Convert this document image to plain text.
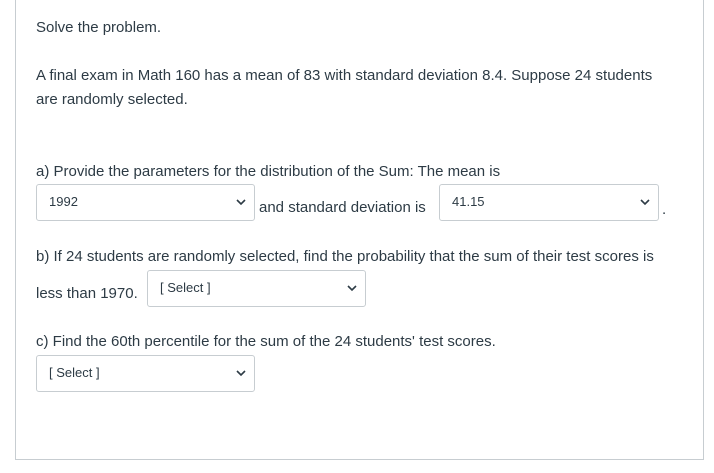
Solve the problem.
A final exam in Math 160 has a mean of 83 with standard deviation 8.4. Suppose 24 students
are randomly selected.
a) Provide the parameters for the distribution of the Sum: The mean is
1992	and standard deviation is 41.15	.
b) If 24 students are randomly selected, find the probability that the sum of their test scores is
less than 1970. [ Select ]
c) Find the 60th percentile for the sum of the 24 students' test scores.
[ Select ]
